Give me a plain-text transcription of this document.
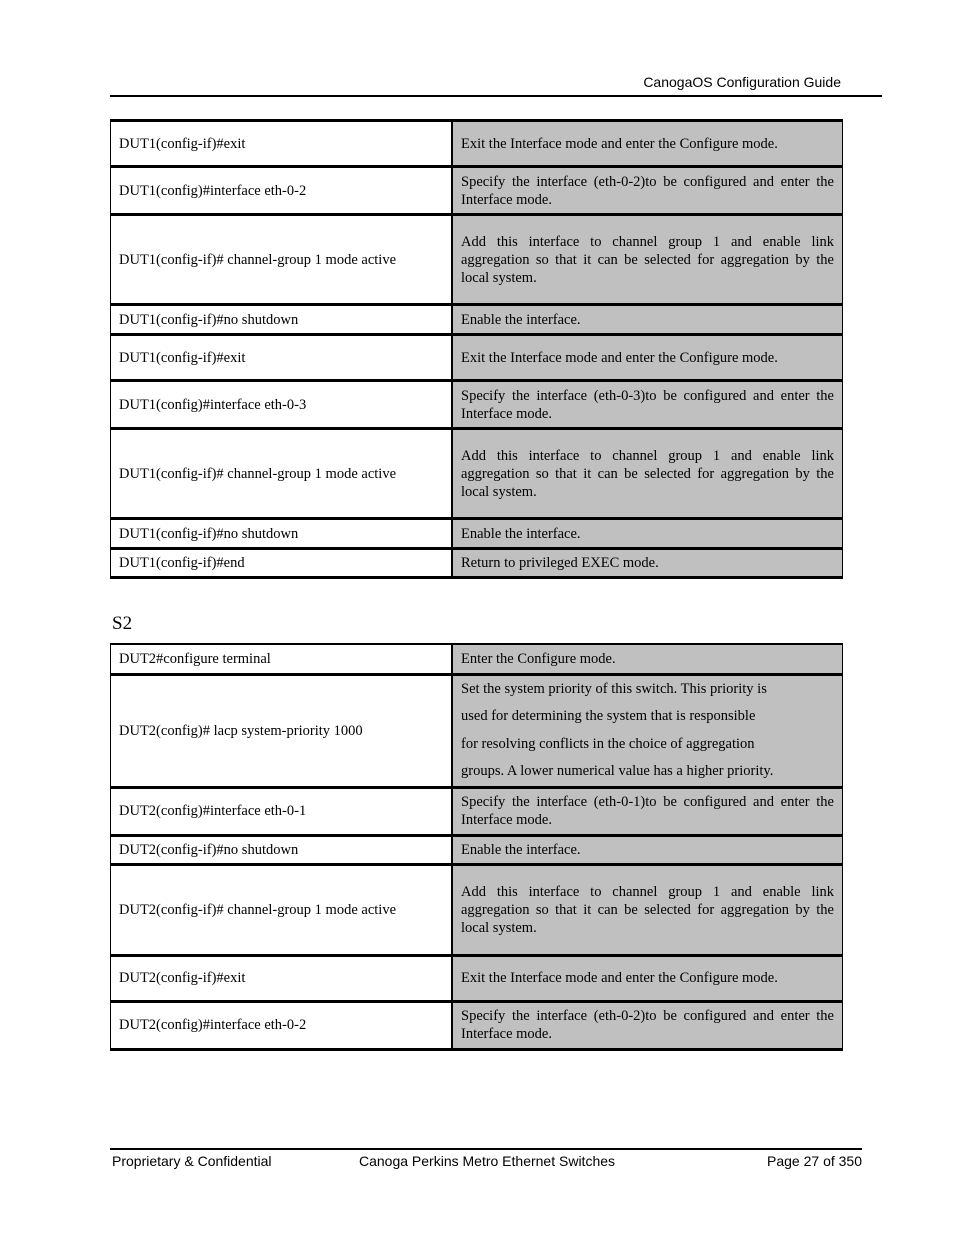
CanogaOS Configuration Guide
DUT1(config-if)#exit	Exit the Interface mode and enter the Configure mode.
DUT1(config)#interface eth-0-2	Specify the interface (eth-0-2)to be configured and enter the Interface mode.
DUT1(config-if)# channel-group 1 mode active	Add this interface to channel group 1 and enable link aggregation so that it can be selected for aggregation by the local system.
DUT1(config-if)#no shutdown	Enable the interface.
DUT1(config-if)#exit	Exit the Interface mode and enter the Configure mode.
DUT1(config)#interface eth-0-3	Specify the interface (eth-0-3)to be configured and enter the Interface mode.
DUT1(config-if)# channel-group 1 mode active	Add this interface to channel group 1 and enable link aggregation so that it can be selected for aggregation by the local system.
DUT1(config-if)#no shutdown	Enable the interface.
DUT1(config-if)#end	Return to privileged EXEC mode.
S2
DUT2#configure terminal	Enter the Configure mode.
DUT2(config)# lacp system-priority 1000	Set the system priority of this switch. This priority is

used for determining the system that is responsible

for resolving conflicts in the choice of aggregation

groups. A lower numerical value has a higher priority.

DUT2(config)#interface eth-0-1	Specify the interface (eth-0-1)to be configured and enter the Interface mode.
DUT2(config-if)#no shutdown	Enable the interface.
DUT2(config-if)# channel-group 1 mode active	Add this interface to channel group 1 and enable link aggregation so that it can be selected for aggregation by the local system.
DUT2(config-if)#exit	Exit the Interface mode and enter the Configure mode.
DUT2(config)#interface eth-0-2	Specify the interface (eth-0-2)to be configured and enter the Interface mode.
Proprietary & Confidential	Canoga Perkins Metro Ethernet Switches	Page 27 of 350
